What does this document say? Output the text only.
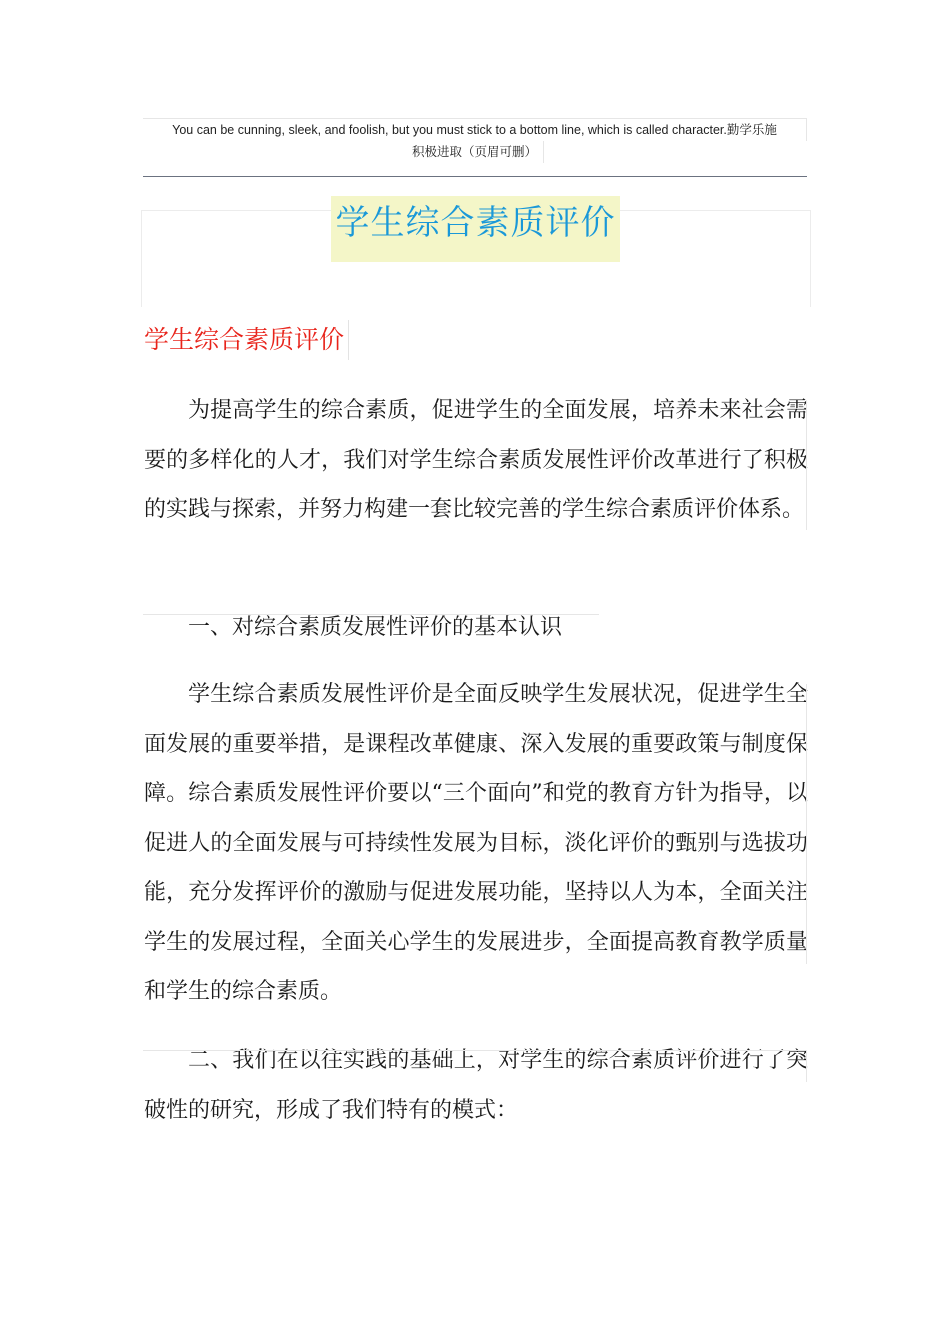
You can be cunning, sleek, and foolish, but you must stick to a bottom line, which is called character.勤学乐施
积极进取（页眉可删）
学生综合素质评价
学生综合素质评价
为提高学生的综合素质，促进学生的全面发展，培养未来社会需要的多样化的人才，我们对学生综合素质发展性评价改革进行了积极的实践与探索，并努力构建一套比较完善的学生综合素质评价体系。
一、对综合素质发展性评价的基本认识
学生综合素质发展性评价是全面反映学生发展状况，促进学生全面发展的重要举措，是课程改革健康、深入发展的重要政策与制度保障。综合素质发展性评价要以“三个面向”和党的教育方针为指导，以促进人的全面发展与可持续性发展为目标，淡化评价的甄别与选拔功能，充分发挥评价的激励与促进发展功能，坚持以人为本，全面关注学生的发展过程，全面关心学生的发展进步，全面提高教育教学质量和学生的综合素质。
二、我们在以往实践的基础上，对学生的综合素质评价进行了突破性的研究，形成了我们特有的模式：
